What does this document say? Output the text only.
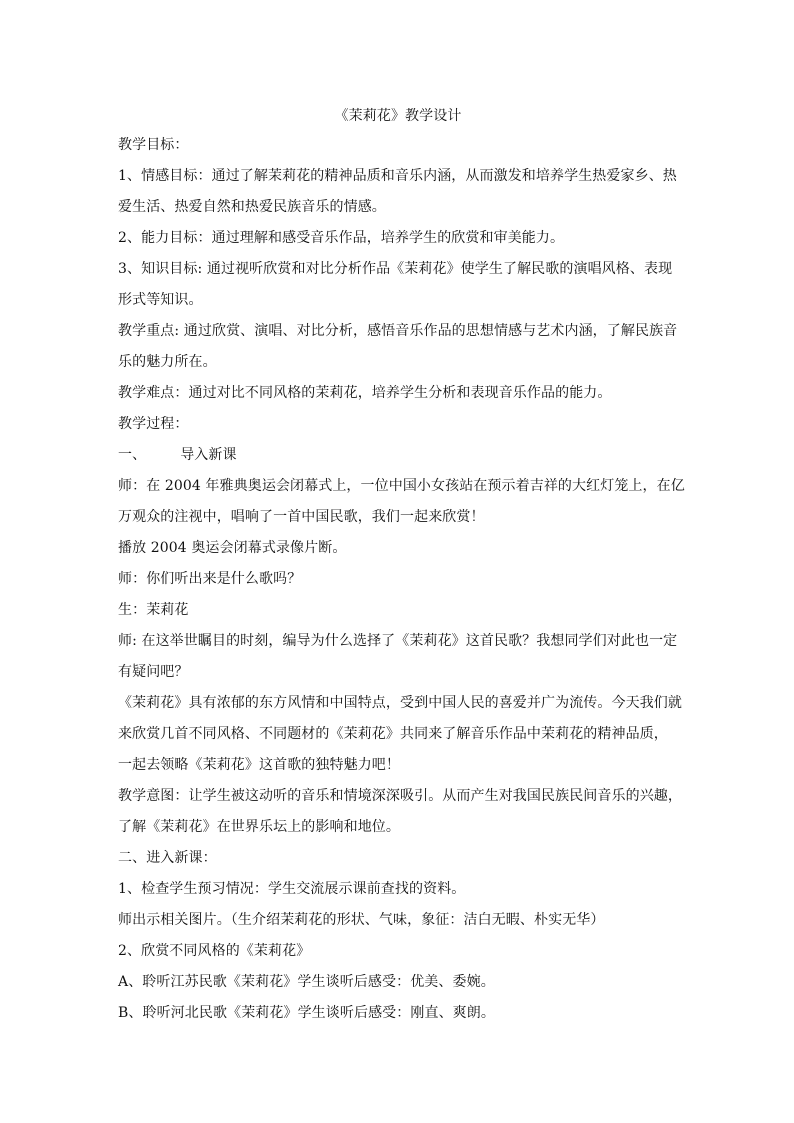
《茉莉花》教学设计

教学目标：

1、情感目标：通过了解茉莉花的精神品质和音乐内涵，从而激发和培养学生热爱家乡、热

爱生活、热爱自然和热爱民族音乐的情感。

2、能力目标：通过理解和感受音乐作品，培养学生的欣赏和审美能力。

3、知识目标: 通过视听欣赏和对比分析作品《茉莉花》使学生了解民歌的演唱风格、表现

形式等知识。

教学重点: 通过欣赏、演唱、对比分析，感悟音乐作品的思想情感与艺术内涵，了解民族音

乐的魅力所在。

教学难点：通过对比不同风格的茉莉花，培养学生分析和表现音乐作品的能力。

教学过程：

一、 导入新课

师：在 2004 年雅典奥运会闭幕式上，一位中国小女孩站在预示着吉祥的大红灯笼上，在亿

万观众的注视中，唱响了一首中国民歌，我们一起来欣赏！

播放 2004 奥运会闭幕式录像片断。

师：你们听出来是什么歌吗？

生：茉莉花

师: 在这举世瞩目的时刻，编导为什么选择了《茉莉花》这首民歌？我想同学们对此也一定

有疑问吧？

《茉莉花》具有浓郁的东方风情和中国特点，受到中国人民的喜爱并广为流传。今天我们就

来欣赏几首不同风格、不同题材的《茉莉花》共同来了解音乐作品中茉莉花的精神品质，

一起去领略《茉莉花》这首歌的独特魅力吧！

教学意图：让学生被这动听的音乐和情境深深吸引。从而产生对我国民族民间音乐的兴趣，

了解《茉莉花》在世界乐坛上的影响和地位。

二、进入新课：

1、检查学生预习情况：学生交流展示课前查找的资料。

师出示相关图片。（生介绍茉莉花的形状、气味，象征：洁白无暇、朴实无华）

2、欣赏不同风格的《茉莉花》

A、聆听江苏民歌《茉莉花》学生谈听后感受：优美、委婉。

B、聆听河北民歌《茉莉花》学生谈听后感受：刚直、爽朗。
